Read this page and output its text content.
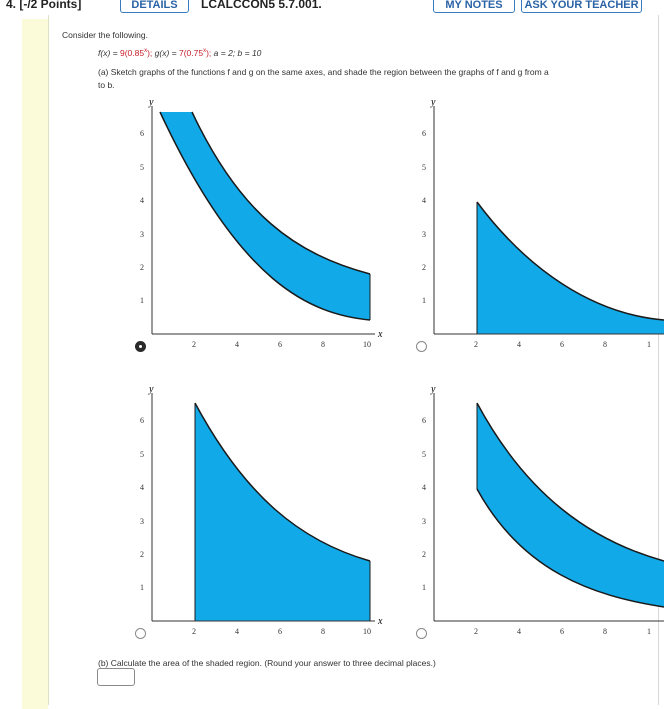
4. [-/2 Points]	DETAILS	LCALCCON5 5.7.001.	MY NOTES	ASK YOUR TEACHER
Consider the following.
$f(x) = 9(0.85^x)$; $g(x) = 7(0.75^x)$; a = 2; b = 10
(a) Sketch graphs of the functions f and g on the same axes, and shade the region between the graphs of f and g from a
to b.
y
x
6
5
4
3
2
1
2	4	6	8	10
y
6
5
4
3
2
1
2	4	6	8	1
y
x
6
5
4
3
2
1
2	4	6	8	10
y
6
5
4
3
2
1
2	4	6	8	1
(b) Calculate the area of the shaded region. (Round your answer to three decimal places.)
